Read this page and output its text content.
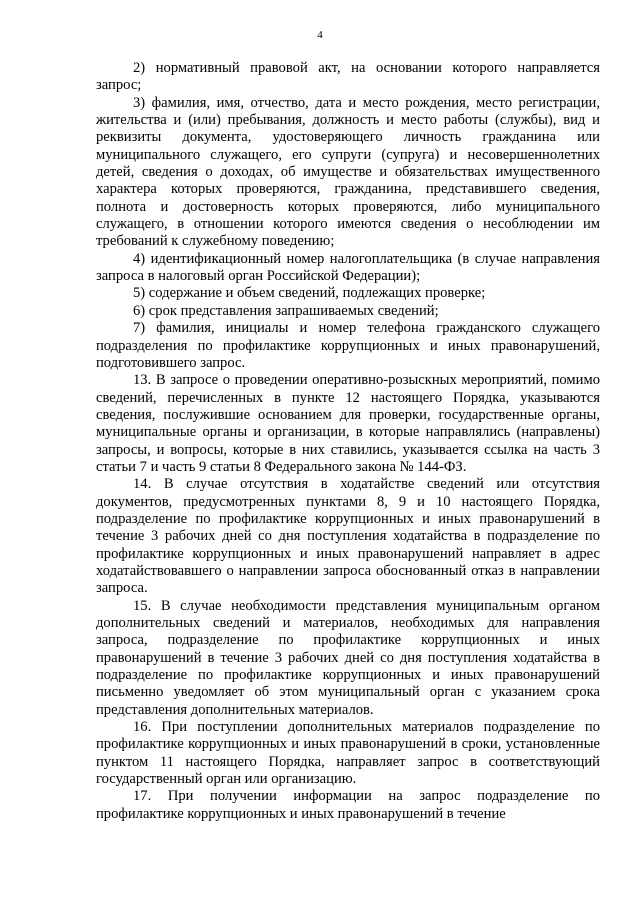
4

2) нормативный правовой акт, на основании которого направляется запрос;

3) фамилия, имя, отчество, дата и место рождения, место регистрации, жительства и (или) пребывания, должность и место работы (службы), вид и реквизиты документа, удостоверяющего личность гражданина или муниципального служащего, его супруги (супруга) и несовершеннолетних детей, сведения о доходах, об имуществе и обязательствах имущественного характера которых проверяются, гражданина, представившего сведения, полнота и достоверность которых проверяются, либо муниципального служащего, в отношении которого имеются сведения о несоблюдении им требований к служебному поведению;

4) идентификационный номер налогоплательщика (в случае направления запроса в налоговый орган Российской Федерации);

5) содержание и объем сведений, подлежащих проверке;

6) срок представления запрашиваемых сведений;

7) фамилия, инициалы и номер телефона гражданского служащего подразделения по профилактике коррупционных и иных правонарушений, подготовившего запрос.

13. В запросе о проведении оперативно-розыскных мероприятий, помимо сведений, перечисленных в пункте 12 настоящего Порядка, указываются сведения, послужившие основанием для проверки, государственные органы, муниципальные органы и организации, в которые направлялись (направлены) запросы, и вопросы, которые в них ставились, указывается ссылка на часть 3 статьи 7 и часть 9 статьи 8 Федерального закона № 144-ФЗ.

14. В случае отсутствия в ходатайстве сведений или отсутствия документов, предусмотренных пунктами 8, 9 и 10 настоящего Порядка, подразделение по профилактике коррупционных и иных правонарушений в течение 3 рабочих дней со дня поступления ходатайства в подразделение по профилактике коррупционных и иных правонарушений направляет в адрес ходатайствовавшего о направлении запроса обоснованный отказ в направлении запроса.

15. В случае необходимости представления муниципальным органом дополнительных сведений и материалов, необходимых для направления запроса, подразделение по профилактике коррупционных и иных правонарушений в течение 3 рабочих дней со дня поступления ходатайства в подразделение по профилактике коррупционных и иных правонарушений письменно уведомляет об этом муниципальный орган с указанием срока представления дополнительных материалов.

16. При поступлении дополнительных материалов подразделение по профилактике коррупционных и иных правонарушений в сроки, установленные пунктом 11 настоящего Порядка, направляет запрос в соответствующий государственный орган или организацию.

17. При получении информации на запрос подразделение по профилактике коррупционных и иных правонарушений в течение
